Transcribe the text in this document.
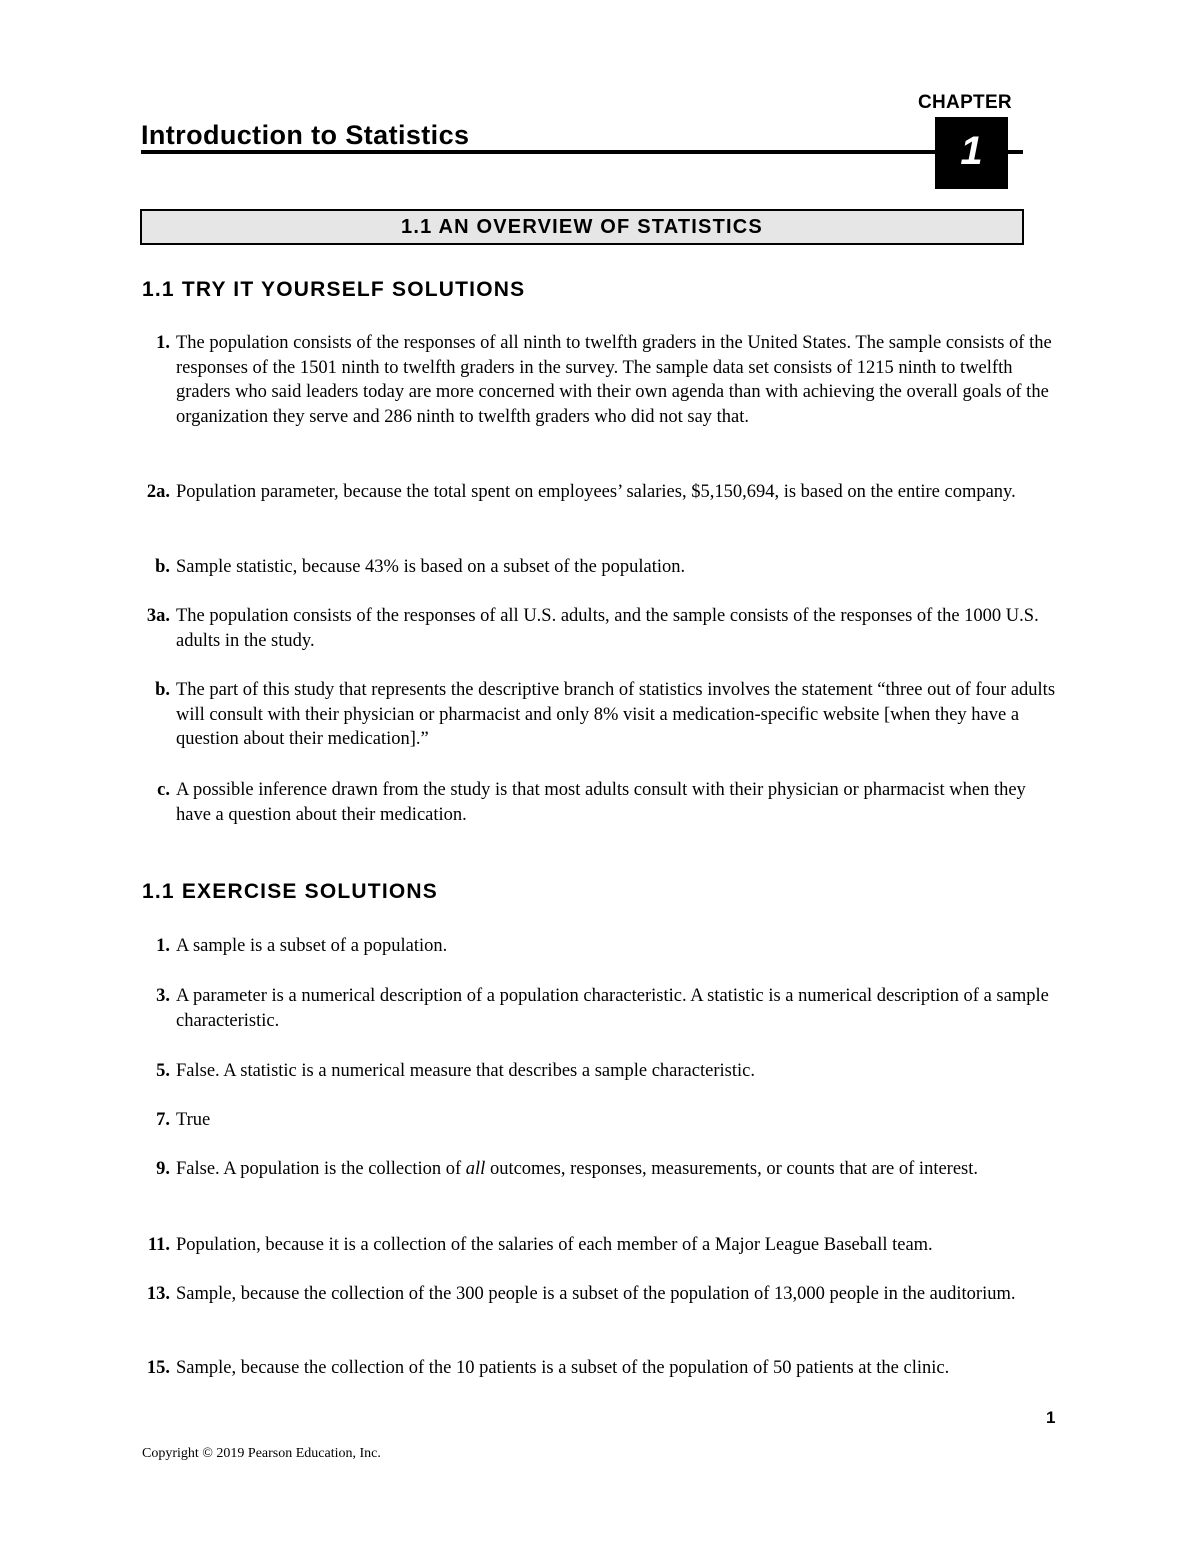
CHAPTER
Introduction to Statistics	1
1.1 AN OVERVIEW OF STATISTICS
1.1 TRY IT YOURSELF SOLUTIONS
1. The population consists of the responses of all ninth to twelfth graders in the United States. The sample consists of the responses of the 1501 ninth to twelfth graders in the survey. The sample data set consists of 1215 ninth to twelfth graders who said leaders today are more concerned with their own agenda than with achieving the overall goals of the organization they serve and 286 ninth to twelfth graders who did not say that.
2a. Population parameter, because the total spent on employees’ salaries, $5,150,694, is based on the entire company.
b. Sample statistic, because 43% is based on a subset of the population.
3a. The population consists of the responses of all U.S. adults, and the sample consists of the responses of the 1000 U.S. adults in the study.
b. The part of this study that represents the descriptive branch of statistics involves the statement “three out of four adults will consult with their physician or pharmacist and only 8% visit a medication-specific website [when they have a question about their medication].”
c. A possible inference drawn from the study is that most adults consult with their physician or pharmacist when they have a question about their medication.
1.1 EXERCISE SOLUTIONS
1. A sample is a subset of a population.
3. A parameter is a numerical description of a population characteristic. A statistic is a numerical description of a sample characteristic.
5. False. A statistic is a numerical measure that describes a sample characteristic.
7. True
9. False. A population is the collection of all outcomes, responses, measurements, or counts that are of interest.
11. Population, because it is a collection of the salaries of each member of a Major League Baseball team.
13. Sample, because the collection of the 300 people is a subset of the population of 13,000 people in the auditorium.
15. Sample, because the collection of the 10 patients is a subset of the population of 50 patients at the clinic.
1
Copyright © 2019 Pearson Education, Inc.
